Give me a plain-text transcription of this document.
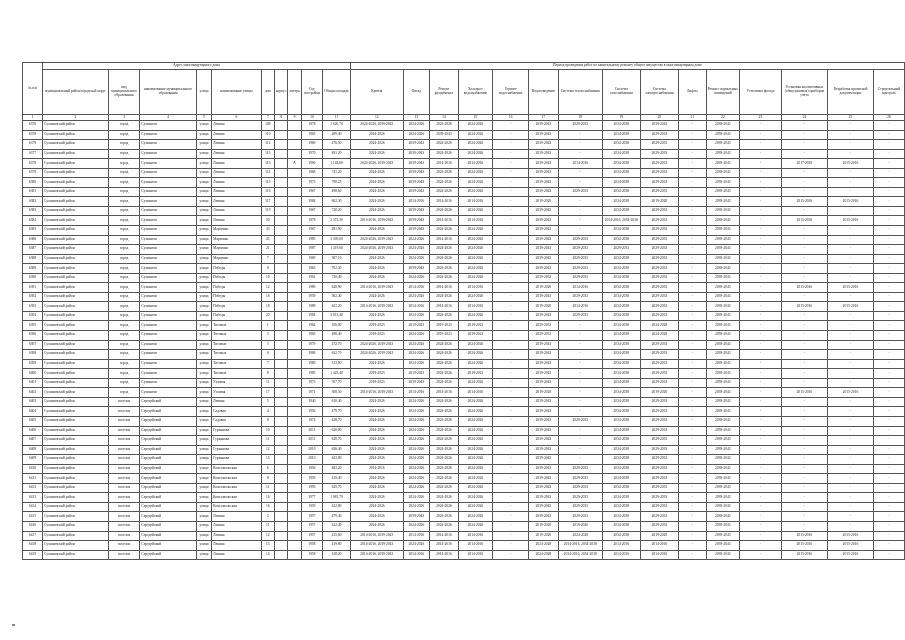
№ п/п	Адрес многоквартирного дома										Период проведения работ по капитальному ремонту общего имущества в многоквартирном доме														
	муниципальный район/городской округ	вид муниципального образования	наименование муниципального образования	улица	наименование улицы	дом	корпус	литера	Год постройки	Общая площадь	Кровля	Фасад	Ремонт фундамента	Холодное водоснабжение	Горячее водоснабжение	Водоотведение	Система теплоснабжения	Система газоснабжения	Система электроснабжения	Лифты	Ремонт подвальных помещений	Утепление фасада	Установка коллективных (общедомовых) приборов учета	Разработка проектной документации	Строительный контроль
1	2	3	4	5	6	7	8	9	10	11	12	13	14	15	16	17	18	19	20	21	22	23	24	25	26
6376	Сухиничский район	город	Сухиничи	улица	Ленина	109			1978	1 620,70	2024-2026, 2039-2043	2024-2026	2024-2026	2024-2026	-	2039-2043	2029-2033	2034-2038	2039-2043	-	2039-2043	-	-	-	-
6378	Сухиничский район	город	Сухиничи	улица	Ленина	110			1965	289,40	2024-2026	2024-2026	2039-2043	2024-2026	-	2039-2043	-	2034-2038	2029-2033	-	2039-2043	-	-	-	-
6379	Сухиничский район	город	Сухиничи	улица	Ленина	112			1969	476,50	2024-2026	2039-2043	2024-2026	2024-2026	-	2039-2043	-	2034-2038	2029-2033	-	2039-2043	-	-	-	-
6377	Сухиничский район	город	Сухиничи	улица	Ленина	113			1970	491,20	2024-2026	2039-2043	2024-2026	2024-2026	-	2039-2043	-	2034-2038	2029-2033	-	2039-2043	-	-	-	-
6378	Сухиничский район	город	Сухиничи	улица	Ленина	113		А	1990	1 143,60	2024-2026, 2039-2043	2039-2043	2014-2016	2014-2016	-	2039-2043	2014-2016	2034-2038	2029-2033	-	2039-2043	-	2017-2018	2015-2016	-
6379	Сухиничский район	город	Сухиничи	улица	Ленина	114			1968	741,20	2024-2026	2039-2043	2024-2026	2024-2026	-	2039-2043	-	2034-2038	2029-2033	-	2039-2043	-	-	-	-
6380	Сухиничский район	город	Сухиничи	улица	Ленина	115			1973	798,25	2024-2026	2039-2043	2024-2026	2024-2026	-	2039-2043	-	2034-2038	2029-2033	-	2039-2043	-	-	-	-
6381	Сухиничский район	город	Сухиничи	улица	Ленина	116			1967	498,60	2024-2026	2039-2043	2024-2026	2024-2026	-	2039-2043	2029-2033	2034-2038	2029-2033	-	2039-2043	-	-	-	-
6382	Сухиничский район	город	Сухиничи	улица	Ленина	117			1984	602,30	2024-2026	2014-2016	2014-2016	2014-2016	-	2019-2020	-	2034-2038	2019-2020	-	2039-2043	-	2015-2016	2015-2016	-
6383	Сухиничский район	город	Сухиничи	улица	Ленина	119			1967	720,20	2024-2026	2039-2043	2024-2026	2024-2026	-	2039-2043	-	2034-2038	2029-2033	-	2039-2043	-	-	-	-
6384	Сухиничский район	город	Сухиничи	улица	Ленина	50			1978	2 372,30	2014-2016, 2039-2043	2039-2043	2014-2016	2014-2016	-	2039-2043	-	2014-2016, 2034-2038	2029-2033	-	2039-2043	-	2015-2016	2015-2016	-
6385	Сухиничский район	город	Сухиничи	улица	Марченко	43			1967	281,90	2024-2026	2039-2043	2024-2026	2024-2026	-	2039-2043	-	2034-2038	2029-2033	-	2039-2043	-	-	-	-
6386	Сухиничский район	город	Сухиничи	улица	Марченко	45			1985	3 305,00	2024-2026, 2039-2043	2024-2026	2014-2016	2024-2026	-	2039-2043	2029-2033	2034-2038	2029-2033	-	2039-2043	-	-	-	-
6387	Сухиничский район	город	Сухиничи	улица	Марченко	21			1987	1 319,60	2024-2026, 2039-2043	2024-2026	2024-2026	2024-2026	-	2039-2043	2029-2033	2029-2033	2029-2033	-	2039-2043	-	-	-	-
6388	Сухиничский район	город	Сухиничи	улица	Марченко	7			1969	387,10	2024-2026	2024-2026	2024-2026	2024-2026	-	2039-2043	2029-2033	2034-2038	2029-2033	-	2039-2043	-	-	-	-
6389	Сухиничский район	город	Сухиничи	улица	Победы	8			1963	702,30	2024-2026	2039-2043	2024-2026	2024-2026	-	2039-2043	2029-2033	2034-2038	2029-2033	-	2039-2043	-	-	-	-
6390	Сухиничский район	город	Сухиничи	улица	Победы	10			1961	720,40	2024-2026	2024-2026	2024-2026	2024-2026	-	2029-2033	2029-2033	2034-2038	2029-2033	-	2039-2043	-	-	-	-
6391	Сухиничский район	город	Сухиничи	улица	Победы	12			1989	620,90	2014-2016, 2039-2043	2014-2016	2014-2016	2014-2016	-	2019-2020	2014-2016	2034-2038	2029-2033	-	2039-2043	-	2015-2016	2015-2016	-
6392	Сухиничский район	город	Сухиничи	улица	Победы	16			1959	562,40	2024-2026	2024-2026	2024-2026	2024-2026	-	2039-2043	2029-2033	2034-2038	2029-2033	-	2039-2043	-	-	-	-
6393	Сухиничский район	город	Сухиничи	улица	Победы	18			1989	621,20	2014-2016, 2039-2043	2014-2016	2014-2016	2014-2016	-	2019-2020	2014-2016	2034-2038	2029-2033	-	2039-2043	-	2015-2016	2015-2016	-
6394	Сухиничский район	город	Сухиничи	улица	Победы	20			1984	3 013,40	2024-2026	2024-2026	2024-2026	2024-2026	-	2039-2043	2029-2033	2034-2038	2029-2033	-	2039-2043	-	-	-	-
6395	Сухиничский район	город	Сухиничи	улица	Титовых	1			1962	356,00	2019-2023	2019-2023	2019-2023	2019-2023	-	2029-2033	-	2034-2038	2024-2028	-	2039-2043	-	-	-	-
6396	Сухиничский район	город	Сухиничи	улица	Титовых	3			1963	498,40	2019-2023	2024-2026	2019-2023	2019-2023	-	2029-2033	-	2034-2038	2024-2028	-	2039-2043	-	-	-	-
6397	Сухиничский район	город	Сухиничи	улица	Титовых	5			1979	472,70	2024-2026, 2039-2043	2024-2026	2024-2026	2024-2026	-	2039-2043	-	2034-2038	2029-2033	-	2039-2043	-	-	-	-
6398	Сухиничский район	город	Сухиничи	улица	Титовых	6			1986	632,70	2024-2026, 2039-2043	2024-2026	2024-2026	2024-2026	-	2039-2043	-	2034-2038	2029-2033	-	2039-2043	-	-	-	-
6399	Сухиничский район	город	Сухиничи	улица	Титовых	7			1980	513,90	2024-2026	2024-2026	2024-2026	2024-2026	-	2039-2043	-	2034-2038	2029-2033	-	2039-2043	-	-	-	-
6400	Сухиничский район	город	Сухиничи	улица	Титовых	8			1985	1 423,40	2019-2023	2019-2023	2024-2026	2019-2023	-	2039-2043	-	2034-2038	2029-2033	-	2039-2043	-	-	-	-
6401	Сухиничский район	город	Сухиничи	улица	Узловая	11			1973	767,70	2019-2023	2039-2043	2024-2026	2024-2026	-	2039-2043	-	2034-2038	2029-2033	-	2039-2043	-	-	-	-
6402	Сухиничский район	город	Сухиничи	улица	Узловая	17			1971	508,30	2014-2016, 2039-2043	2014-2016	2014-2016	2014-2016	-	2019-2020	-	2034-2038	2019-2020	-	2039-2043	-	2015-2016	2015-2016	-
6403	Сухиничский район	поселок	Середейский	улица	Ленина	5			1940	610,40	2024-2026	2024-2026	2024-2026	2024-2026	-	2039-2043	-	2034-2038	2029-2033	-	2039-2043	-	-	-	-
6404	Сухиничский район	поселок	Середейский	улица	Садовая	4			1956	479,70	2024-2026	2024-2026	2024-2026	2024-2026	-	2039-2043	-	2034-2038	2029-2033	-	2039-2043	-	-	-	-
6405	Сухиничский район	поселок	Середейский	улица	Садовая	8			1974	428,70	2024-2026	2024-2026	2024-2026	2024-2026	-	2039-2043	2029-2033	2034-2038	2029-2033	-	2039-2043	-	-	-	-
6406	Сухиничский район	поселок	Середейский	улица	Гурьянова	10			2011	626,00	2024-2026	2024-2026	2024-2026	2024-2026	-	2039-2043	-	2034-2038	2029-2033	-	2039-2043	-	-	-	-
6407	Сухиничский район	поселок	Середейский	улица	Гурьянова	11			2011	628,70	2024-2026	2024-2026	2024-2026	2024-2026	-	2039-2043	-	2034-2038	2029-2033	-	2039-2043	-	-	-	-
6408	Сухиничский район	поселок	Середейский	улица	Гурьянова	12			2010	636,40	2024-2026	2024-2026	2024-2026	2024-2026	-	2039-2043	-	2034-2038	2029-2033	-	2039-2043	-	-	-	-
6409	Сухиничский район	поселок	Середейский	улица	Гурьянова	15			2010	623,80	2024-2026	2024-2026	2024-2026	2024-2026	-	2039-2043	-	2034-2038	2029-2033	-	2039-2043	-	-	-	-
6410	Сухиничский район	поселок	Середейский	улица	Комсомольская	6			1956	483,20	2014-2016	2024-2026	2024-2026	2024-2026	-	2039-2043	2029-2033	2034-2038	2029-2033	-	2039-2043	-	-	-	-
6411	Сухиничский район	поселок	Середейский	улица	Комсомольская	8			1959	419,40	2024-2026	2024-2026	2024-2026	2024-2026	-	2039-2043	2029-2033	2034-2038	2029-2033	-	2039-2043	-	-	-	-
6412	Сухиничский район	поселок	Середейский	улица	Комсомольская	11			1995	625,70	2024-2026	2024-2026	2024-2026	2024-2026	-	2039-2043	2029-2033	2034-2038	2029-2033	-	2039-2043	-	-	-	-
6413	Сухиничский район	поселок	Середейский	улица	Комсомольская	16			1977	1 081,70	2024-2026	2024-2026	2024-2026	2024-2026	-	2039-2043	2029-2033	2034-2038	2029-2033	-	2039-2043	-	-	-	-
6414	Сухиничский район	поселок	Середейский	улица	Комсомольская	16			1959	422,80	2024-2026	2024-2026	2024-2026	2024-2026	-	2039-2043	2029-2033	2034-2038	2029-2033	-	2039-2043	-	-	-	-
6415	Сухиничский район	поселок	Середейский	улица	Ленина	2			1957	479,40	2024-2026	2039-2043	2024-2026	2024-2026	-	2039-2043	2029-2033	2034-2038	2029-2033	-	2039-2043	-	-	-	-
6416	Сухиничский район	поселок	Середейский	улица	Ленина	11			1957	422,40	2024-2026	2024-2026	2024-2026	2024-2026	-	2019-2020	2019-2020	2034-2038	2029-2033	-	2039-2043	-	-	-	-
6417	Сухиничский район	поселок	Середейский	улица	Ленина	12			1957	415,60	2014-2016, 2039-2043	2014-2016	2014-2016	2014-2016	-	2019-2020	2024-2028	2034-2038	2019-2020	-	2039-2043	-	2015-2016	2015-2016	-
6418	Сухиничский район	поселок	Середейский	улица	Ленина	13			1958	419,80	2014-2016, 2039-2043	2024-2026	2014-2016	2014-2016	-	2024-2028	2014-2016, 2034-2038	2014-2016	2014-2016	-	2039-2043	-	2015-2016	2015-2016	-
6419	Сухиничский район	поселок	Середейский	улица	Ленина	14			1958	418,20	2014-2016, 2039-2043	2014-2016	2014-2016	2014-2016	-	2024-2028	2014-2016, 2034-2038	2014-2016	2014-2016	-	2039-2043	-	2015-2016	2015-2016	-
